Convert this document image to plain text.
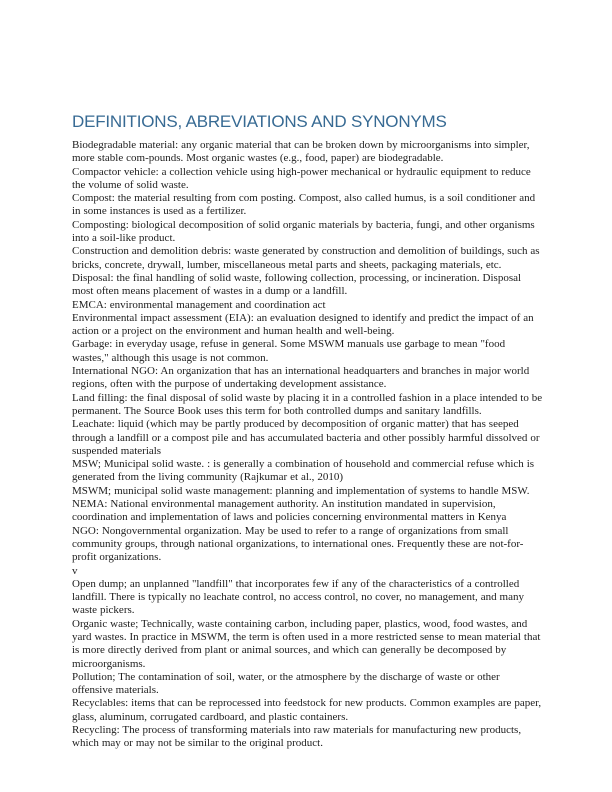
DEFINITIONS, ABREVIATIONS AND SYNONYMS

Biodegradable material: any organic material that can be broken down by microorganisms into simpler, more stable com-pounds. Most organic wastes (e.g., food, paper) are biodegradable.

Compactor vehicle: a collection vehicle using high-power mechanical or hydraulic equipment to reduce the volume of solid waste.

Compost: the material resulting from com posting. Compost, also called humus, is a soil conditioner and in some instances is used as a fertilizer.

Composting: biological decomposition of solid organic materials by bacteria, fungi, and other organisms into a soil-like product.

Construction and demolition debris: waste generated by construction and demolition of buildings, such as bricks, concrete, drywall, lumber, miscellaneous metal parts and sheets, packaging materials, etc.

Disposal: the final handling of solid waste, following collection, processing, or incineration. Disposal most often means placement of wastes in a dump or a landfill.

EMCA: environmental management and coordination act

Environmental impact assessment (EIA): an evaluation designed to identify and predict the impact of an action or a project on the environment and human health and well-being.

Garbage: in everyday usage, refuse in general. Some MSWM manuals use garbage to mean "food wastes," although this usage is not common.

International NGO: An organization that has an international headquarters and branches in major world regions, often with the purpose of undertaking development assistance.

Land filling: the final disposal of solid waste by placing it in a controlled fashion in a place intended to be permanent. The Source Book uses this term for both controlled dumps and sanitary landfills.

Leachate: liquid (which may be partly produced by decomposition of organic matter) that has seeped through a landfill or a compost pile and has accumulated bacteria and other possibly harmful dissolved or suspended materials

MSW; Municipal solid waste. : is generally a combination of household and commercial refuse which is generated from the living community (Rajkumar et al., 2010)

MSWM; municipal solid waste management: planning and implementation of systems to handle MSW.

NEMA: National environmental management authority. An institution mandated in supervision, coordination and implementation of laws and policies concerning environmental matters in Kenya

NGO: Nongovernmental organization. May be used to refer to a range of organizations from small community groups, through national organizations, to international ones. Frequently these are not-for-profit organizations.

v

Open dump; an unplanned "landfill" that incorporates few if any of the characteristics of a controlled landfill. There is typically no leachate control, no access control, no cover, no management, and many waste pickers.

Organic waste; Technically, waste containing carbon, including paper, plastics, wood, food wastes, and yard wastes. In practice in MSWM, the term is often used in a more restricted sense to mean material that is more directly derived from plant or animal sources, and which can generally be decomposed by microorganisms.

Pollution; The contamination of soil, water, or the atmosphere by the discharge of waste or other offensive materials.

Recyclables: items that can be reprocessed into feedstock for new products. Common examples are paper, glass, aluminum, corrugated cardboard, and plastic containers.

Recycling: The process of transforming materials into raw materials for manufacturing new products, which may or may not be similar to the original product.
